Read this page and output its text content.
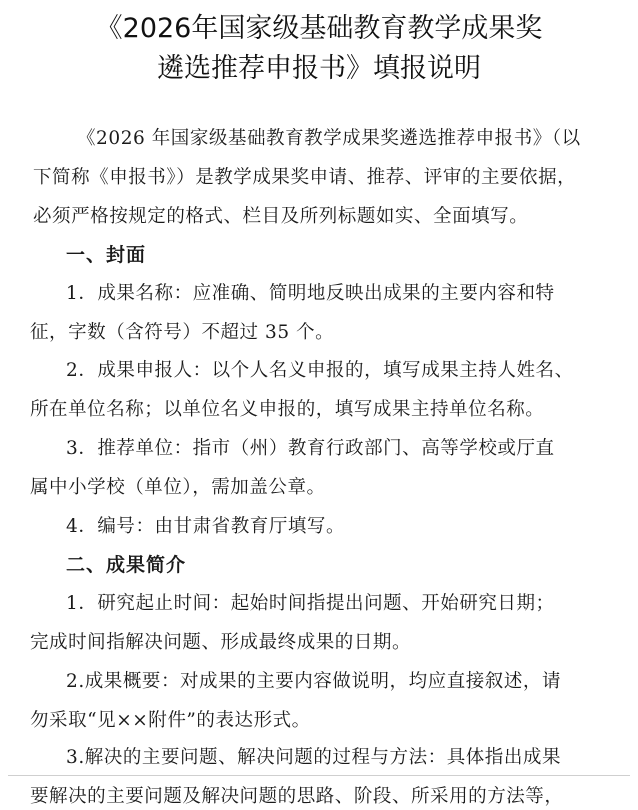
《2026年国家级基础教育教学成果奖
遴选推荐申报书》填报说明
《2026 年国家级基础教育教学成果奖遴选推荐申报书》（以
下简称《申报书》）是教学成果奖申请、推荐、评审的主要依据，
必须严格按规定的格式、栏目及所列标题如实、全面填写。
一、封面
1．成果名称：应准确、简明地反映出成果的主要内容和特
征，字数（含符号）不超过 35 个。
2．成果申报人：以个人名义申报的，填写成果主持人姓名、
所在单位名称；以单位名义申报的，填写成果主持单位名称。
3．推荐单位：指市（州）教育行政部门、高等学校或厅直
属中小学校（单位），需加盖公章。
4．编号：由甘肃省教育厅填写。
二、成果简介
1．研究起止时间：起始时间指提出问题、开始研究日期；
完成时间指解决问题、形成最终成果的日期。
2.成果概要：对成果的主要内容做说明，均应直接叙述，请
勿采取“见××附件”的表达形式。
3.解决的主要问题、解决问题的过程与方法：具体指出成果
要解决的主要问题及解决问题的思路、阶段、所采用的方法等，
